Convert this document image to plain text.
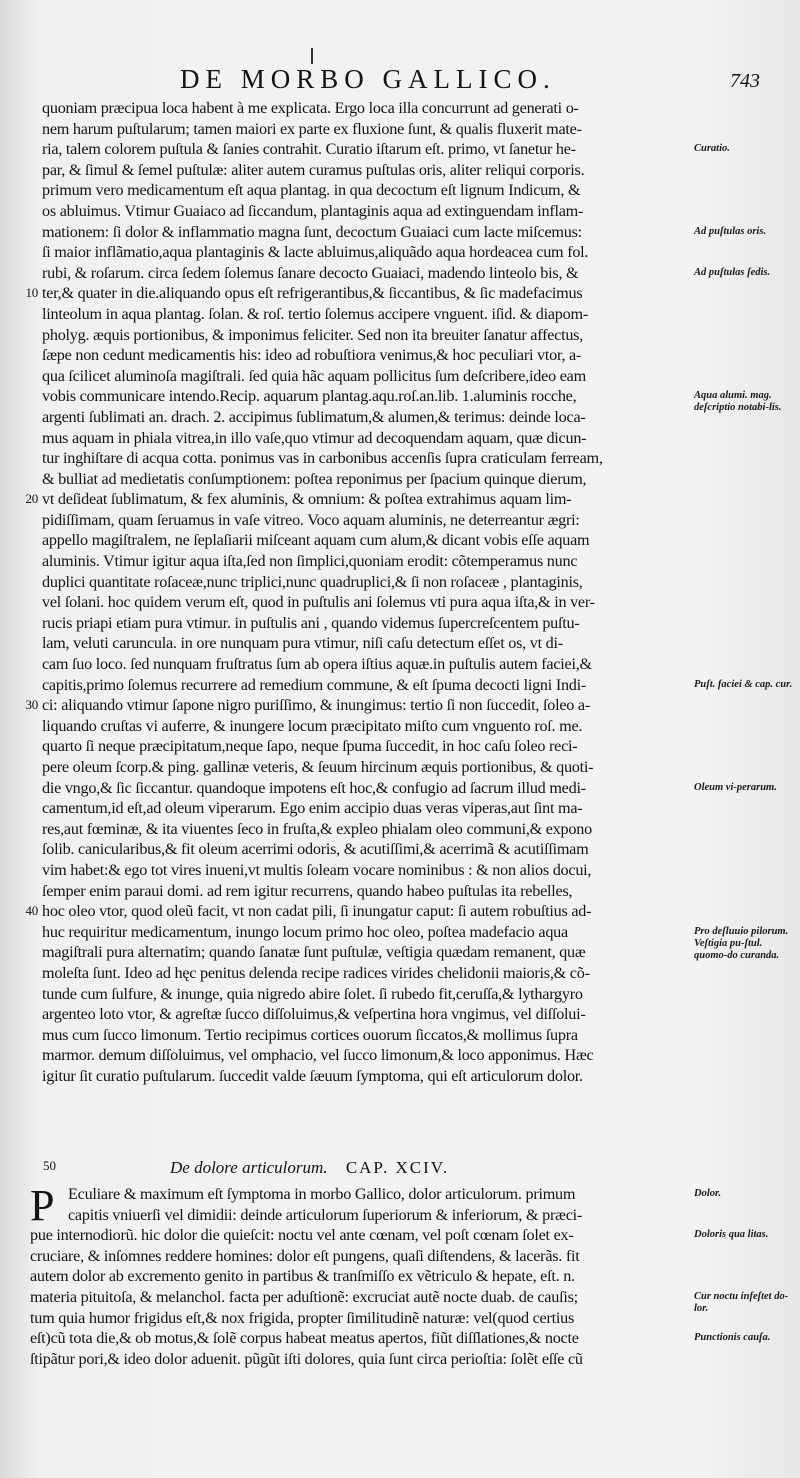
DE MORBO GALLICO.	743
quoniam præcipua loca habent à me explicata. Ergo loca illa concurrunt ad generati o-
nem harum puſtularum; tamen maiori ex parte ex fluxione ſunt, & qualis fluxerit mate-
ria, talem colorem puſtula & ſanies contrahit. Curatio iſtarum eſt. primo, vt ſanetur he-
par, & ſimul & ſemel puſtulæ: aliter autem curamus puſtulas oris, aliter reliqui corporis.
primum vero medicamentum eſt aqua plantag. in qua decoctum eſt lignum Indicum, &
os abluimus. Vtimur Guaiaco ad ſiccandum, plantaginis aqua ad extinguendam inflam-
mationem: ſi dolor & inflammatio magna ſunt, decoctum Guaiaci cum lacte miſcemus:
ſi maior inflãmatio,aqua plantaginis & lacte abluimus,aliquãdo aqua hordeacea cum fol.
rubi, & roſarum. circa ſedem ſolemus ſanare decocto Guaiaci, madendo linteolo bis, &
10 ter,& quater in die.aliquando opus eſt refrigerantibus,& ſiccantibus, & ſic madefacimus
linteolum in aqua plantag. ſolan. & roſ. tertio ſolemus accipere vnguent. iſid. & diapom-
pholyg. æquis portionibus, & imponimus feliciter. Sed non ita breuiter ſanatur affectus,
ſæpe non cedunt medicamentis his: ideo ad robuſtiora venimus,& hoc peculiari vtor, a-
qua ſcilicet aluminoſa magiſtrali. ſed quia hãc aquam pollicitus ſum deſcribere,ideo eam
vobis communicare intendo.Recip. aquarum plantag.aqu.roſ.an.lib. 1.aluminis rocche,
argenti ſublimati an. drach. 2. accipimus ſublimatum,& alumen,& terimus: deinde loca-
mus aquam in phiala vitrea,in illo vaſe,quo vtimur ad decoquendam aquam, quæ dicun-
tur inghiſtare di acqua cotta. ponimus vas in carbonibus accenſis ſupra craticulam ferream,
& bulliat ad medietatis conſumptionem: poſtea reponimus per ſpacium quinque dierum,
20 vt deſideat ſublimatum, & fex aluminis, & omnium: & poſtea extrahimus aquam lim-
pidiſſimam, quam ſeruamus in vaſe vitreo. Voco aquam aluminis, ne deterreantur ægri:
appello magiſtralem, ne ſeplaſiarii miſceant aquam cum alum,& dicant vobis eſſe aquam
aluminis. Vtimur igitur aqua iſta,ſed non ſimplici,quoniam erodit: cõtemperamus nunc
duplici quantitate roſaceæ,nunc triplici,nunc quadruplici,& ſi non roſaceæ , plantaginis,
vel ſolani. hoc quidem verum eſt, quod in puſtulis ani ſolemus vti pura aqua iſta,& in ver-
rucis priapi etiam pura vtimur. in puſtulis ani , quando videmus ſupercreſcentem puſtu-
lam, veluti caruncula. in ore nunquam pura vtimur, niſi caſu detectum eſſet os, vt di-
cam ſuo loco. ſed nunquam fruſtratus ſum ab opera iſtius aquæ.in puſtulis autem faciei,&
capitis,primo ſolemus recurrere ad remedium commune, & eſt ſpuma decocti ligni Indi-
30 ci: aliquando vtimur ſapone nigro puriſſimo, & inungimus: tertio ſi non ſuccedit, ſoleo a-
liquando cruſtas vi auferre, & inungere locum præcipitato miſto cum vnguento roſ. me.
quarto ſi neque præcipitatum,neque ſapo, neque ſpuma ſuccedit, in hoc caſu ſoleo reci-
pere oleum ſcorp.& ping. gallinæ veteris, & ſeuum hircinum æquis portionibus, & quoti-
die vngo,& ſic ſiccantur. quandoque impotens eſt hoc,& confugio ad ſacrum illud medi-
camentum,id eſt,ad oleum viperarum. Ego enim accipio duas veras viperas,aut ſint ma-
res,aut fœminæ, & ita viuentes ſeco in fruſta,& expleo phialam oleo communi,& expono
ſolib. canicularibus,& fit oleum acerrimi odoris, & acutiſſimi,& acerrimã & acutiſſimam
vim habet:& ego tot vires inueni,vt multis ſoleam vocare nominibus : & non alios docui,
ſemper enim paraui domi. ad rem igitur recurrens, quando habeo puſtulas ita rebelles,
40 hoc oleo vtor, quod oleũ facit, vt non cadat pili, ſi inungatur caput: ſi autem robuſtius ad-
huc requiritur medicamentum, inungo locum primo hoc oleo, poſtea madefacio aqua
magiſtrali pura alternatim; quando ſanatæ ſunt puſtulæ, veſtigia quædam remanent, quæ
moleſta ſunt. Ideo ad hęc penitus delenda recipe radices virides chelidonii maioris,& cõ-
tunde cum ſulfure, & inunge, quia nigredo abire ſolet. ſi rubedo fit,ceruſſa,& lythargyro
argenteo loto vtor, & agreſtæ ſucco diſſoluimus,& veſpertina hora vngimus, vel diſſolui-
mus cum ſucco limonum. Tertio recipimus cortices ouorum ſiccatos,& mollimus ſupra
marmor. demum diſſoluimus, vel omphacio, vel ſucco limonum,& loco apponimus. Hæc
igitur ſit curatio puſtularum. ſuccedit valde ſæuum ſymptoma, qui eſt articulorum dolor.
50	De dolore articulorum. CAP. XCIV.
P Eculiare & maximum eſt ſymptoma in morbo Gallico, dolor articulorum. primum
capitis vniuerſi vel dimidii: deinde articulorum ſuperiorum & inferiorum, & præci-
pue internodiorũ. hic dolor die quieſcit: noctu vel ante cœnam, vel poſt cœnam ſolet ex-
cruciare, & inſomnes reddere homines: dolor eſt pungens, quaſi diſtendens, & lacerãs. fit
autem dolor ab excremento genito in partibus & tranſmiſſo ex vẽtriculo & hepate, eſt. n.
materia pituitoſa, & melanchol. facta per aduſtionẽ: excruciat autẽ nocte duab. de cauſis;
tum quia humor frigidus eſt,& nox frigida, propter ſimilitudinẽ naturæ: vel(quod certius
eſt)cũ tota die,& ob motus,& ſolẽ corpus habeat meatus apertos, fiũt diſſlationes,& nocte
ſtipãtur pori,& ideo dolor aduenit. pũgũt iſti dolores, quia ſunt circa perioſtia: ſolẽt eſſe cũ
Curatio.
Ad puſtulas oris.
Ad puſtulas ſedis.
Aqua alumi. mag. deſcriptio notabi-lis.
Puſt. faciei & cap. cur.
Oleum vi-perarum.
Pro deſluuio pilorum. Veſtigia pu-ſtul. quomo-do curanda.
Dolor.
Doloris qua litas.
Cur noctu infeſtet do-lor.
Punctionis cauſa.
